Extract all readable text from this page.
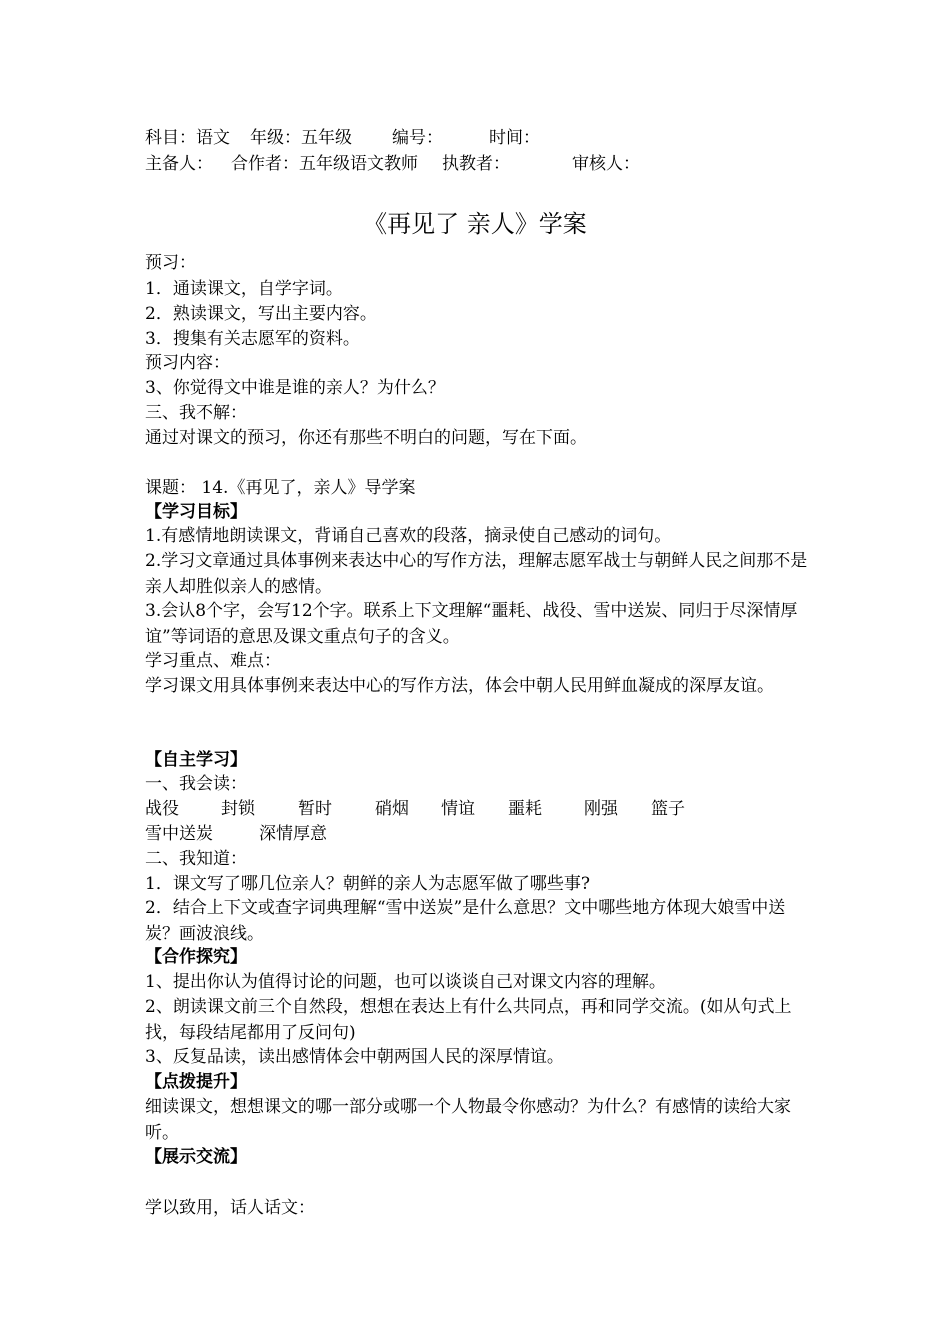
科目：语文 年级：五年级 编号：	时间：
主备人： 合作者：五年级语文教师 执教者：	审核人：
《再见了 亲人》学案
预习：
1．通读课文，自学字词。
2．熟读课文，写出主要内容。
3．搜集有关志愿军的资料。
预习内容：
3、你觉得文中谁是谁的亲人？为什么？
三、我不解：
通过对课文的预习，你还有那些不明白的问题，写在下面。
课题： 14.《再见了，亲人》导学案
【学习目标】
1.有感情地朗读课文，背诵自己喜欢的段落，摘录使自己感动的词句。
2.学习文章通过具体事例来表达中心的写作方法，理解志愿军战士与朝鲜人民之间那不是亲人却胜似亲人的感情。
3.会认8个字，会写12个字。联系上下文理解“噩耗、战役、雪中送炭、同归于尽深情厚谊”等词语的意思及课文重点句子的含义。
学习重点、难点：
学习课文用具体事例来表达中心的写作方法，体会中朝人民用鲜血凝成的深厚友谊。
【自主学习】
一、我会读：
战役 封锁	暂时	硝烟 情谊 噩耗 刚强 篮子
雪中送炭	深情厚意
二、我知道：
1．课文写了哪几位亲人？朝鲜的亲人为志愿军做了哪些事?
2．结合上下文或查字词典理解“雪中送炭”是什么意思？文中哪些地方体现大娘雪中送炭？画波浪线。
【合作探究】
1、提出你认为值得讨论的问题，也可以谈谈自己对课文内容的理解。
2、朗读课文前三个自然段，想想在表达上有什么共同点，再和同学交流。(如从句式上找，每段结尾都用了反问句)
3、反复品读，读出感情体会中朝两国人民的深厚情谊。
【点拨提升】
细读课文，想想课文的哪一部分或哪一个人物最令你感动？为什么？有感情的读给大家听。
【展示交流】
学以致用，话人话文：
